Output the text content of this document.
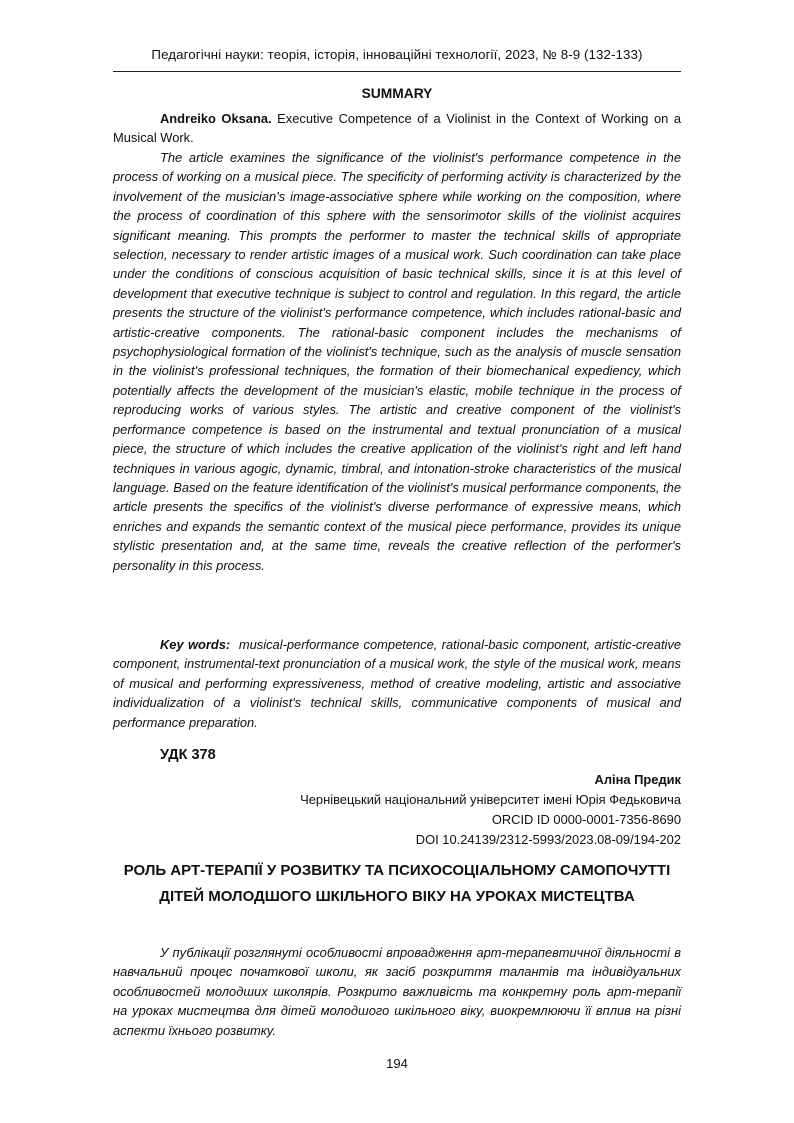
Педагогічні науки: теорія, історія, інноваційні технології, 2023, № 8-9 (132-133)
SUMMARY
Andreiko Oksana. Executive Competence of a Violinist in the Context of Working on a Musical Work.
The article examines the significance of the violinist's performance competence in the process of working on a musical piece. The specificity of performing activity is characterized by the involvement of the musician's image-associative sphere while working on the composition, where the process of coordination of this sphere with the sensorimotor skills of the violinist acquires significant meaning. This prompts the performer to master the technical skills of appropriate selection, necessary to render artistic images of a musical work. Such coordination can take place under the conditions of conscious acquisition of basic technical skills, since it is at this level of development that executive technique is subject to control and regulation. In this regard, the article presents the structure of the violinist's performance competence, which includes rational-basic and artistic-creative components. The rational-basic component includes the mechanisms of psychophysiological formation of the violinist's technique, such as the analysis of muscle sensation in the violinist's professional techniques, the formation of their biomechanical expediency, which potentially affects the development of the musician's elastic, mobile technique in the process of reproducing works of various styles. The artistic and creative component of the violinist's performance competence is based on the instrumental and textual pronunciation of a musical piece, the structure of which includes the creative application of the violinist's right and left hand techniques in various agogic, dynamic, timbral, and intonation-stroke characteristics of the musical language. Based on the feature identification of the violinist's musical performance components, the article presents the specifics of the violinist's diverse performance of expressive means, which enriches and expands the semantic context of the musical piece performance, provides its unique stylistic presentation and, at the same time, reveals the creative reflection of the performer's personality in this process.
Key words: musical-performance competence, rational-basic component, artistic-creative component, instrumental-text pronunciation of a musical work, the style of the musical work, means of musical and performing expressiveness, method of creative modeling, artistic and associative individualization of a violinist's technical skills, communicative components of musical and performance preparation.
УДК 378
Аліна Предик
Чернівецький національний університет імені Юрія Федьковича
ORCID ID 0000-0001-7356-8690
DOI 10.24139/2312-5993/2023.08-09/194-202
РОЛЬ АРТ-ТЕРАПІЇ У РОЗВИТКУ ТА ПСИХОСОЦІАЛЬНОМУ САМОПОЧУТТІ ДІТЕЙ МОЛОДШОГО ШКІЛЬНОГО ВІКУ НА УРОКАХ МИСТЕЦТВА
У публікації розглянуті особливості впровадження арт-терапевтичної діяльності в навчальний процес початкової школи, як засіб розкриття талантів та індивідуальних особливостей молодших школярів. Розкрито важливість та конкретну роль арт-терапії на уроках мистецтва для дітей молодшого шкільного віку, виокремлюючи її вплив на різні аспекти їхнього розвитку.
194
